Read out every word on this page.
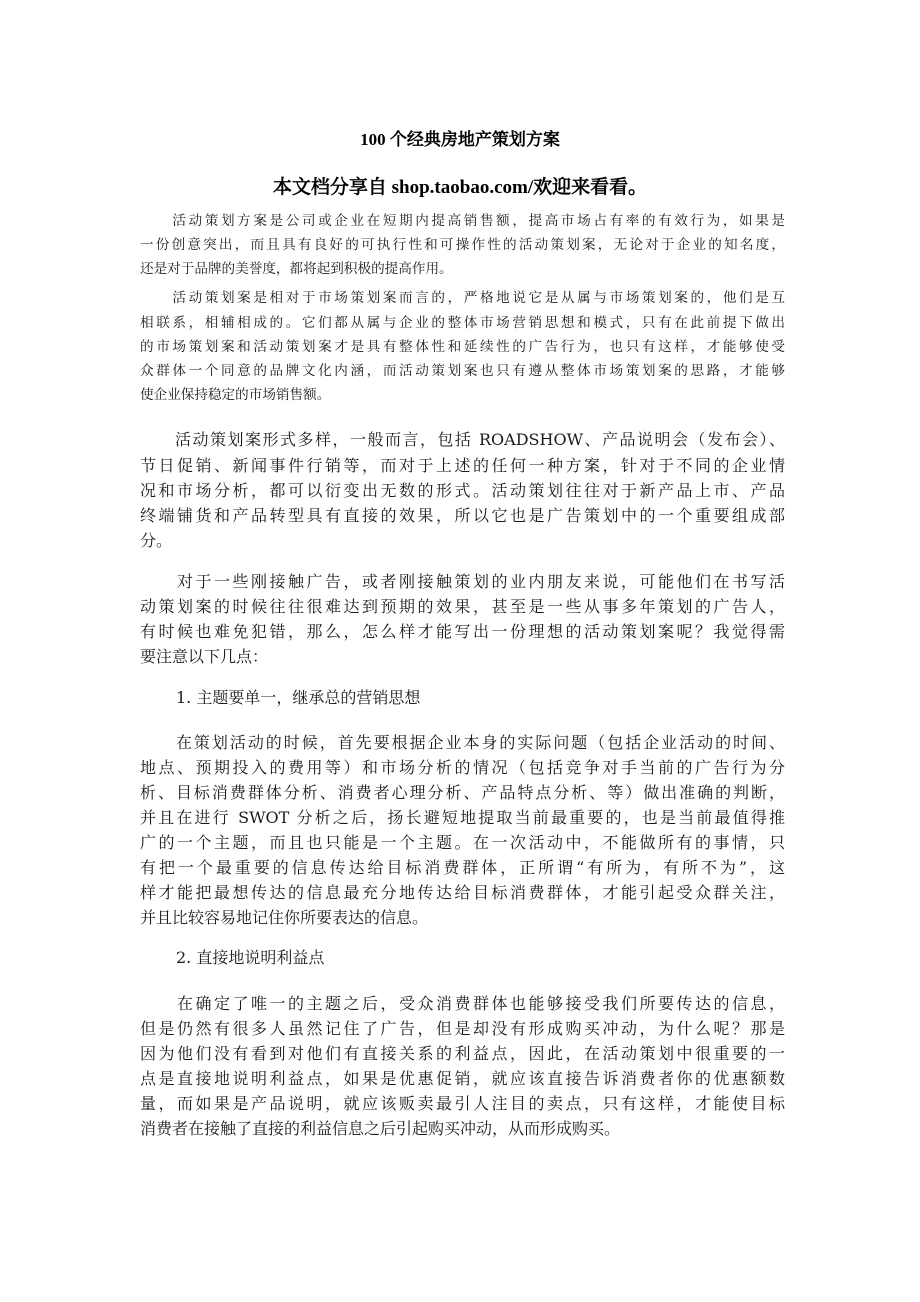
100 个经典房地产策划方案
本文档分享自 shop.taobao.com/欢迎来看看。
　　活动策划方案是公司或企业在短期内提高销售额，提高市场占有率的有效行为，如果是
一份创意突出，而且具有良好的可执行性和可操作性的活动策划案，无论对于企业的知名度，
还是对于品牌的美誉度，都将起到积极的提高作用。
　　活动策划案是相对于市场策划案而言的，严格地说它是从属与市场策划案的，他们是互
相联系，相辅相成的。它们都从属与企业的整体市场营销思想和模式，只有在此前提下做出
的市场策划案和活动策划案才是具有整体性和延续性的广告行为，也只有这样，才能够使受
众群体一个同意的品牌文化内涵，而活动策划案也只有遵从整体市场策划案的思路，才能够
使企业保持稳定的市场销售额。
　　活动策划案形式多样，一般而言，包括 ROADSHOW、产品说明会（发布会）、
节日促销、新闻事件行销等，而对于上述的任何一种方案，针对于不同的企业情
况和市场分析，都可以衍变出无数的形式。活动策划往往对于新产品上市、产品
终端铺货和产品转型具有直接的效果，所以它也是广告策划中的一个重要组成部
分。
　　对于一些刚接触广告，或者刚接触策划的业内朋友来说，可能他们在书写活
动策划案的时候往往很难达到预期的效果，甚至是一些从事多年策划的广告人，
有时候也难免犯错，那么，怎么样才能写出一份理想的活动策划案呢？我觉得需
要注意以下几点：
1. 主题要单一，继承总的营销思想
　　在策划活动的时候，首先要根据企业本身的实际问题（包括企业活动的时间、
地点、预期投入的费用等）和市场分析的情况（包括竞争对手当前的广告行为分
析、目标消费群体分析、消费者心理分析、产品特点分析、等）做出准确的判断，
并且在进行 SWOT 分析之后，扬长避短地提取当前最重要的，也是当前最值得推
广的一个主题，而且也只能是一个主题。在一次活动中，不能做所有的事情，只
有把一个最重要的信息传达给目标消费群体，正所谓“有所为，有所不为”，这
样才能把最想传达的信息最充分地传达给目标消费群体，才能引起受众群关注，
并且比较容易地记住你所要表达的信息。
2. 直接地说明利益点
　　在确定了唯一的主题之后，受众消费群体也能够接受我们所要传达的信息，
但是仍然有很多人虽然记住了广告，但是却没有形成购买冲动，为什么呢？那是
因为他们没有看到对他们有直接关系的利益点，因此，在活动策划中很重要的一
点是直接地说明利益点，如果是优惠促销，就应该直接告诉消费者你的优惠额数
量，而如果是产品说明，就应该贩卖最引人注目的卖点，只有这样，才能使目标
消费者在接触了直接的利益信息之后引起购买冲动，从而形成购买。
